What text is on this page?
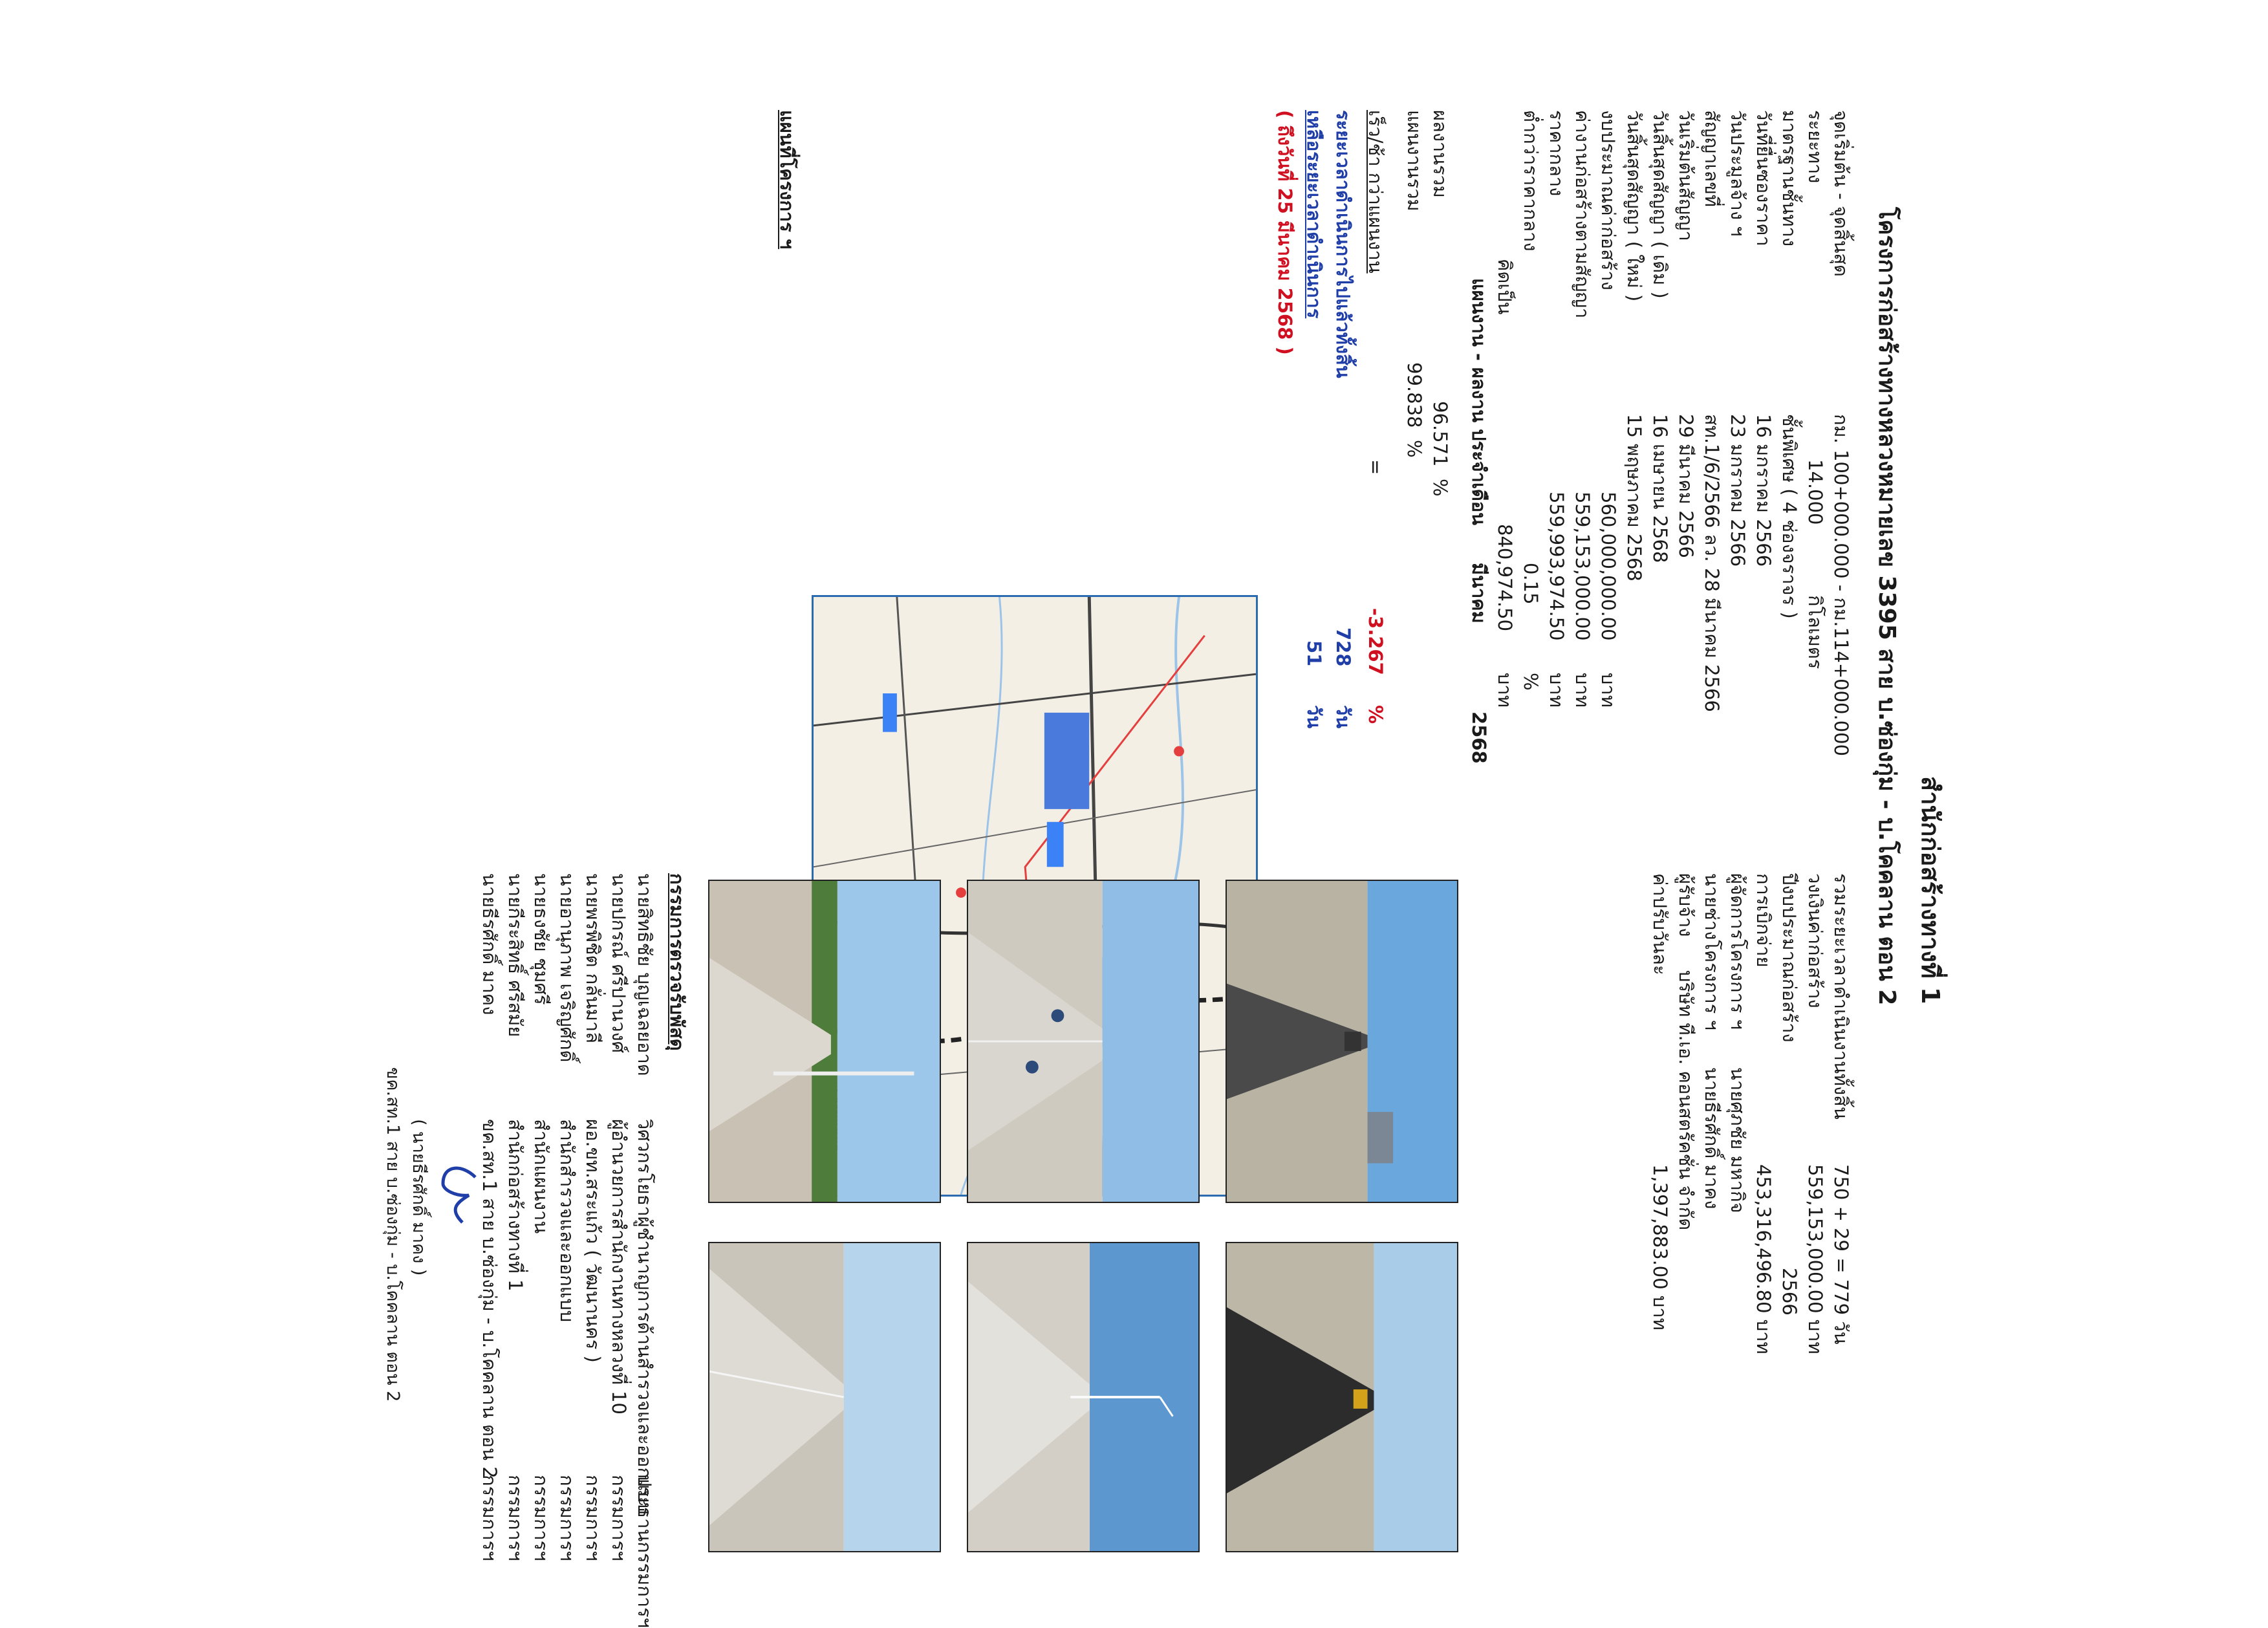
สำนักก่อสร้างทางที่ 1
โครงการก่อสร้างทางหลวงหมายเลข 3395 สาย บ.ซ่องกุ่ม - บ.โคคลาน ตอน 2
จุดเริ่มต้น - จุดสิ้นสุด
กม. 100+000.000 - กม.114+000.000
ระยะทาง
14.000
กิโลเมตร
มาตรฐานชั้นทาง
ชั้นพิเศษ ( 4 ช่องจราจร )
วันที่ยื่นซองราคา
16 มกราคม 2566
วันประมูลจ้าง ฯ
23 มกราคม 2566
สัญญาเลขที่
สท.1/6/2566 ลว. 28 มีนาคม 2566
วันเริ่มต้นสัญญา
29 มีนาคม 2566
วันสิ้นสุดสัญญา ( เดิม )
16 เมษายน 2568
วันสิ้นสุดสัญญา ( ใหม่ )
15 พฤษภาคม 2568
งบประมาณค่าก่อสร้าง
560,000,000.00
บาท
ค่างานก่อสร้างตามสัญญา
559,153,000.00
บาท
ราคากลาง
559,993,974.50
บาท
ต่ำกว่าราคากลาง
0.15
%
คิดเป็น
840,974.50
บาท
รวมระยะเวลาดำเนินงานทั้งสิ้น
750 + 29 = 779 วัน
วงเงินค่าก่อสร้าง
559,153,000.00 บาท
ปีงบประมาณก่อสร้าง
2566
การเบิกจ่าย
453,316,496.80 บาท
ผู้จัดการโครงการ ฯ
นายศุภชัย มหากิจ
นายช่างโครงการ ฯ
นายธีรศักดิ์ มาคง
ผู้รับจ้าง
บริษัท ที.เอ. คอนสตรัคชั่น จำกัด
ค่าปรับวันละ
1,397,883.00 บาท
แผนงาน - ผลงาน ประจำเดือน
มีนาคม
2568
ผลงานรวม
96.571
%
แผนงานรวม
99.838
%
เร็ว/ช้า กว่าแผนงาน
=
-3.267
%
ระยะเวลาดำเนินการไปแล้วทั้งสิ้น
728
วัน
เหลือระยะเวลาดำเนินการ
51
วัน
( ถึงวันที่ 25 มีนาคม 2568 )
แผนที่โครงการ ฯ
กรรมการตรวจรับพัสดุ
นายสิทธิชัย บุญเฉลยอาด
นายปกรณ์ ศรีปานวงศ์
นายพรพิชิต กลั่นมาลี
นายอานุภาพ เจริญศักดิ์
นายธงชัย ชุมศรี
นายกีระสิทธิ์ ศรีสมัย
นายธีรศักดิ์ มาคง
วิศวกรโยธาผู้ชำนาญการด้านสำรวจและออกแบบ
ผู้อำนวยการสำนักงานทางหลวงที่ 10
ผอ.ขท.สระแก้ว ( วัฒนานคร )
สำนักสำรวจและออกแบบ
สำนักแผนงาน
สำนักก่อสร้างทางที่ 1
ขค.สท.1 สาย บ.ซ่องกุ่ม - บ.โคคลาน ตอน 2
ประธานกรรมการฯ
กรรมการฯ
กรรมการฯ
กรรมการฯ
กรรมการฯ
กรรมการฯ
กรรมการฯ
( นายธีรศักดิ์ มาคง )
ขค.สท.1 สาย บ.ซ่องกุ่ม - บ.โคคลาน ตอน 2
